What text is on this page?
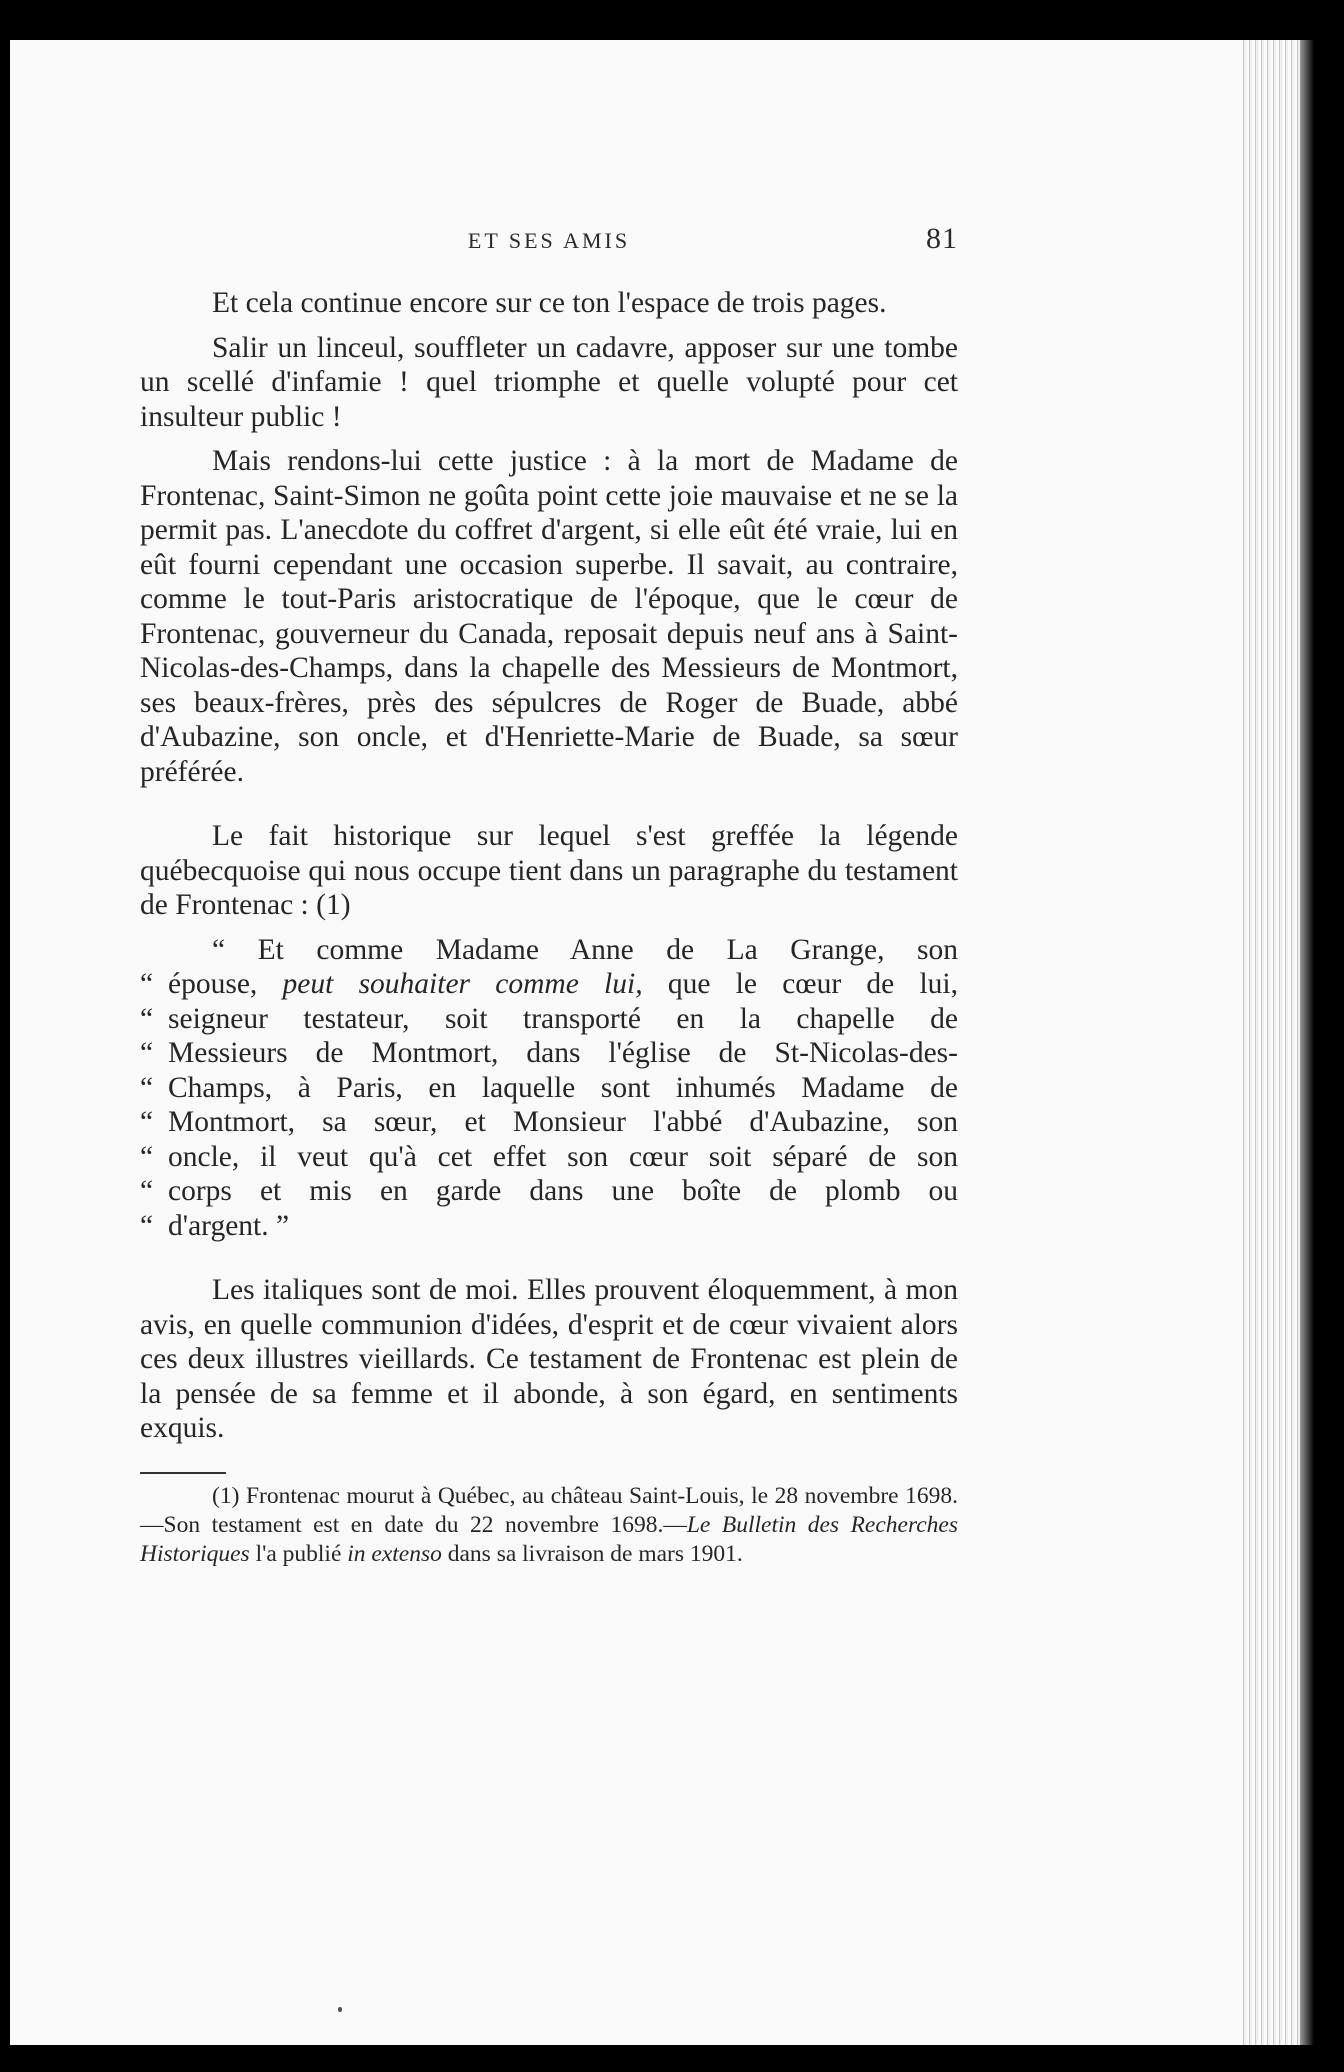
ET SES AMIS	81

Et cela continue encore sur ce ton l'espace de trois pages.

Salir un linceul, souffleter un cadavre, apposer sur une tombe un scellé d'infamie ! quel triomphe et quelle volupté pour cet insulteur public !

Mais rendons-lui cette justice : à la mort de Madame de Frontenac, Saint-Simon ne goûta point cette joie mauvaise et ne se la permit pas. L'anecdote du coffret d'argent, si elle eût été vraie, lui en eût fourni cependant une occasion superbe. Il savait, au contraire, comme le tout-Paris aristocratique de l'époque, que le cœur de Frontenac, gouverneur du Canada, reposait depuis neuf ans à Saint-Nicolas-des-Champs, dans la chapelle des Messieurs de Montmort, ses beaux-frères, près des sépulcres de Roger de Buade, abbé d'Aubazine, son oncle, et d'Henriette-Marie de Buade, sa sœur préférée.

Le fait historique sur lequel s'est greffée la légende québecquoise qui nous occupe tient dans un paragraphe du testament de Frontenac : (1)

“ Et comme Madame Anne de La Grange, son

“ épouse, peut souhaiter comme lui, que le cœur de lui,

“ seigneur testateur, soit transporté en la chapelle de

“ Messieurs de Montmort, dans l'église de St-Nicolas-des-

“ Champs, à Paris, en laquelle sont inhumés Madame de

“ Montmort, sa sœur, et Monsieur l'abbé d'Aubazine, son

“ oncle, il veut qu'à cet effet son cœur soit séparé de son

“ corps et mis en garde dans une boîte de plomb ou

“ d'argent. ”

Les italiques sont de moi. Elles prouvent éloquemment, à mon avis, en quelle communion d'idées, d'esprit et de cœur vivaient alors ces deux illustres vieillards. Ce testament de Frontenac est plein de la pensée de sa femme et il abonde, à son égard, en sentiments exquis.

(1) Frontenac mourut à Québec, au château Saint-Louis, le 28 novembre 1698.—Son testament est en date du 22 novembre 1698.—Le Bulletin des Recherches Historiques l'a publié in extenso dans sa livraison de mars 1901.
